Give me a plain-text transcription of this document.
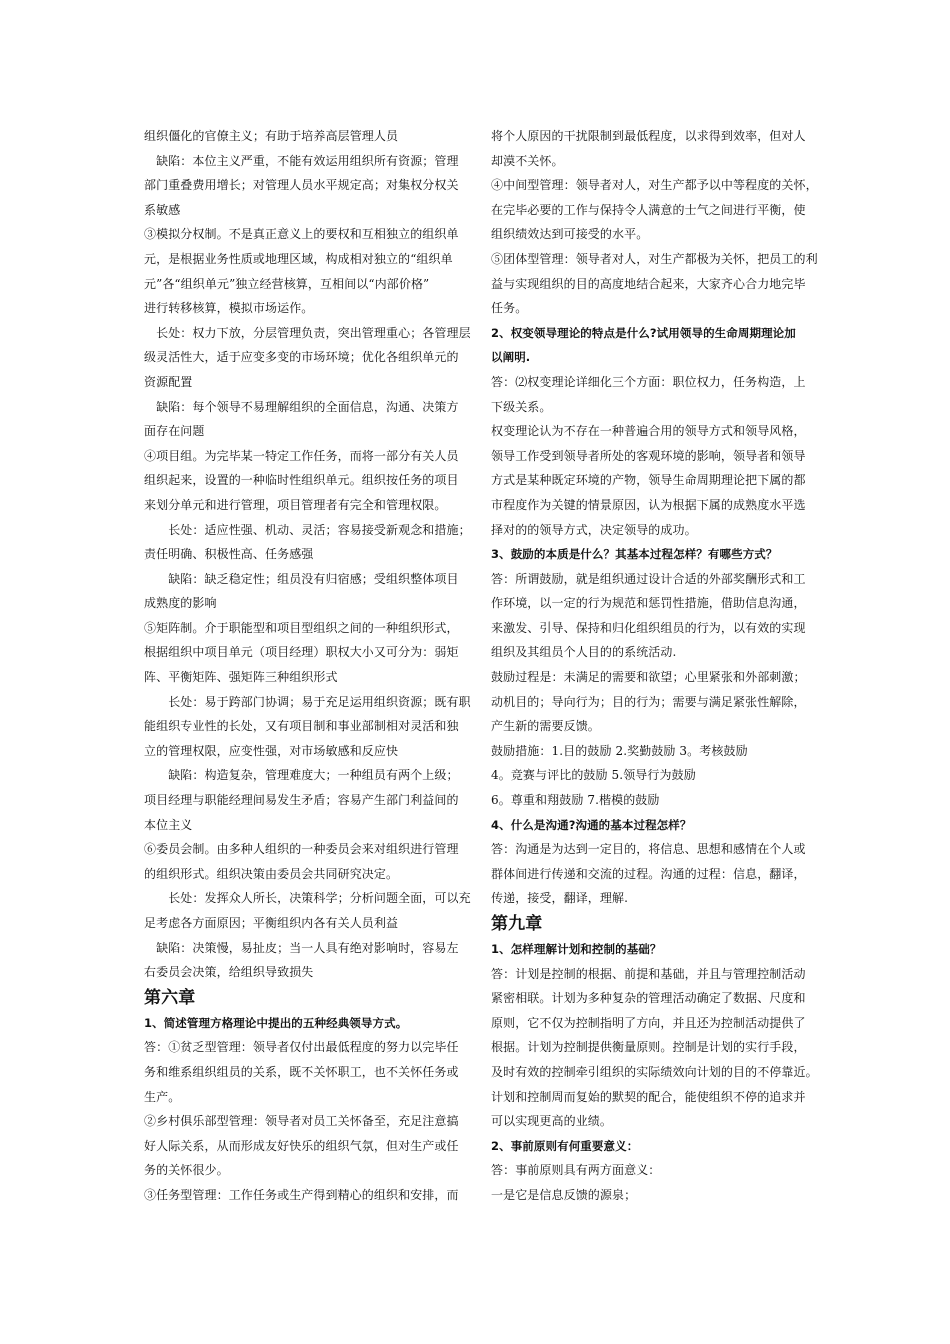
组织僵化的官僚主义；有助于培养高层管理人员
　缺陷：本位主义严重，不能有效运用组织所有资源；管理
部门重叠费用增长；对管理人员水平规定高；对集权分权关
系敏感
③模拟分权制。不是真正意义上的要权和互相独立的组织单
元，是根据业务性质或地理区域，构成相对独立的“组织单
元”各“组织单元”独立经营核算，互相间以“内部价格”
进行转移核算，模拟市场运作。
　长处：权力下放，分层管理负责，突出管理重心；各管理层
级灵活性大，适于应变多变的市场环境；优化各组织单元的
资源配置
　缺陷：每个领导不易理解组织的全面信息，沟通、决策方
面存在问题
④项目组。为完毕某一特定工作任务，而将一部分有关人员
组织起来，设置的一种临时性组织单元。组织按任务的项目
来划分单元和进行管理，项目管理者有完全和管理权限。
　　长处：适应性强、机动、灵活；容易接受新观念和措施；
责任明确、积极性高、任务感强
　　缺陷：缺乏稳定性；组员没有归宿感；受组织整体项目
成熟度的影响
⑤矩阵制。介于职能型和项目型组织之间的一种组织形式，
根据组织中项目单元（项目经理）职权大小又可分为：弱矩
阵、平衡矩阵、强矩阵三种组织形式
　　长处：易于跨部门协调；易于充足运用组织资源；既有职
能组织专业性的长处，又有项目制和事业部制相对灵活和独
立的管理权限，应变性强，对市场敏感和反应快
　　缺陷：构造复杂，管理难度大；一种组员有两个上级；
项目经理与职能经理间易发生矛盾；容易产生部门利益间的
本位主义
⑥委员会制。由多种人组织的一种委员会来对组织进行管理
的组织形式。组织决策由委员会共同研究决定。
　　长处：发挥众人所长，决策科学；分析问题全面，可以充
足考虑各方面原因；平衡组织内各有关人员利益
　缺陷：决策慢，易扯皮；当一人具有绝对影响时，容易左
右委员会决策，给组织导致损失
第六章
1、简述管理方格理论中提出的五种经典领导方式。
答：①贫乏型管理：领导者仅付出最低程度的努力以完毕任
务和维系组织组员的关系，既不关怀职工，也不关怀任务或
生产。
②乡村俱乐部型管理：领导者对员工关怀备至，充足注意搞
好人际关系，从而形成友好快乐的组织气氛，但对生产或任
务的关怀很少。
③任务型管理：工作任务或生产得到精心的组织和安排，而
将个人原因的干扰限制到最低程度，以求得到效率，但对人
却漠不关怀。
④中间型管理：领导者对人，对生产都予以中等程度的关怀，
在完毕必要的工作与保持令人满意的士气之间进行平衡，使
组织绩效达到可接受的水平。
⑤团体型管理：领导者对人，对生产都极为关怀，把员工的利
益与实现组织的目的高度地结合起来，大家齐心合力地完毕
任务。
2、权变领导理论的特点是什么?试用领导的生命周期理论加
以阐明.
答：⑵权变理论详细化三个方面：职位权力，任务构造，上
下级关系。
权变理论认为不存在一种普遍合用的领导方式和领导风格，
领导工作受到领导者所处的客观环境的影响，领导者和领导
方式是某种既定环境的产物，领导生命周期理论把下属的都
市程度作为关键的情景原因，认为根据下属的成熟度水平选
择对的的领导方式，决定领导的成功。
3、鼓励的本质是什么？其基本过程怎样？有哪些方式？
答：所谓鼓励，就是组织通过设计合适的外部奖酬形式和工
作环境，以一定的行为规范和惩罚性措施，借助信息沟通，
来激发、引导、保持和归化组织组员的行为，以有效的实现
组织及其组员个人目的的系统活动.
鼓励过程是：未满足的需要和欲望；心里紧张和外部刺激；
动机目的；导向行为；目的行为；需要与满足紧张性解除，
产生新的需要反馈。
鼓励措施：1.目的鼓励 2.奖勤鼓励 3。考核鼓励
4。竞赛与评比的鼓励 5.领导行为鼓励
6。尊重和翔鼓励 7.楷模的鼓励
4、什么是沟通?沟通的基本过程怎样？
答：沟通是为达到一定目的，将信息、思想和感情在个人或
群体间进行传递和交流的过程。沟通的过程：信息，翻译，
传递，接受，翻译，理解.
第九章
1、怎样理解计划和控制的基础？
答：计划是控制的根据、前提和基础，并且与管理控制活动
紧密相联。计划为多种复杂的管理活动确定了数据、尺度和
原则，它不仅为控制指明了方向，并且还为控制活动提供了
根据。计划为控制提供衡量原则。控制是计划的实行手段，
及时有效的控制牵引组织的实际绩效向计划的目的不停靠近。
计划和控制周而复始的默契的配合，能使组织不停的追求并
可以实现更高的业绩。
2、事前原则有何重要意义：
答：事前原则具有两方面意义：
一是它是信息反馈的源泉；
